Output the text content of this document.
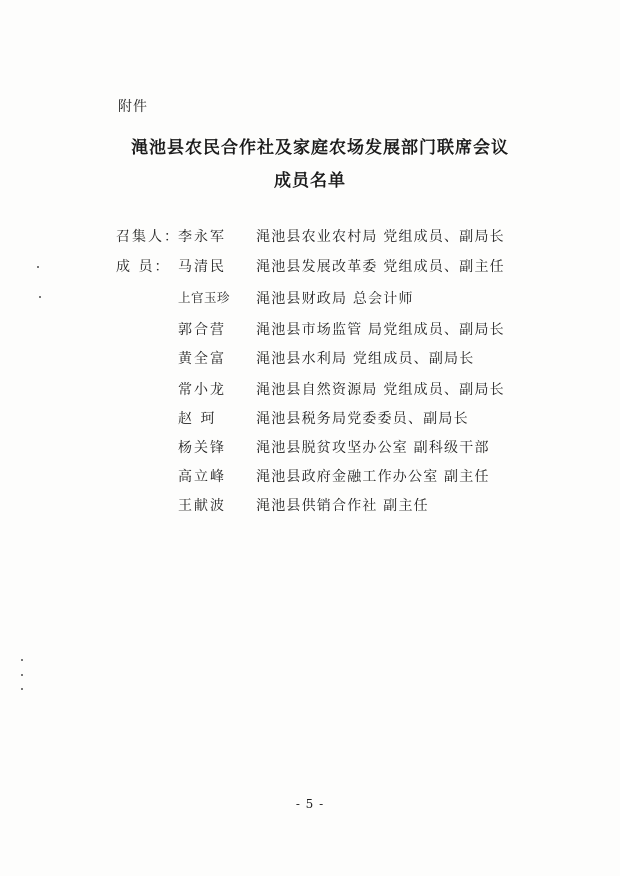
附件
渑池县农民合作社及家庭农场发展部门联席会议
成员名单
召集人：
李永军 渑池县农业农村局 党组成员、副局长
成 员： 马清民 渑池县发展改革委 党组成员、副主任
上官玉珍 渑池县财政局 总会计师
郭合营 渑池县市场监管 局党组成员、副局长
黄全富 渑池县水利局 党组成员、副局长
常小龙 渑池县自然资源局 党组成员、副局长
赵 珂	渑池县税务局党委委员、副局长
杨关锋 渑池县脱贫攻坚办公室 副科级干部
高立峰 渑池县政府金融工作办公室 副主任
王献波 渑池县供销合作社 副主任
- 5 -
